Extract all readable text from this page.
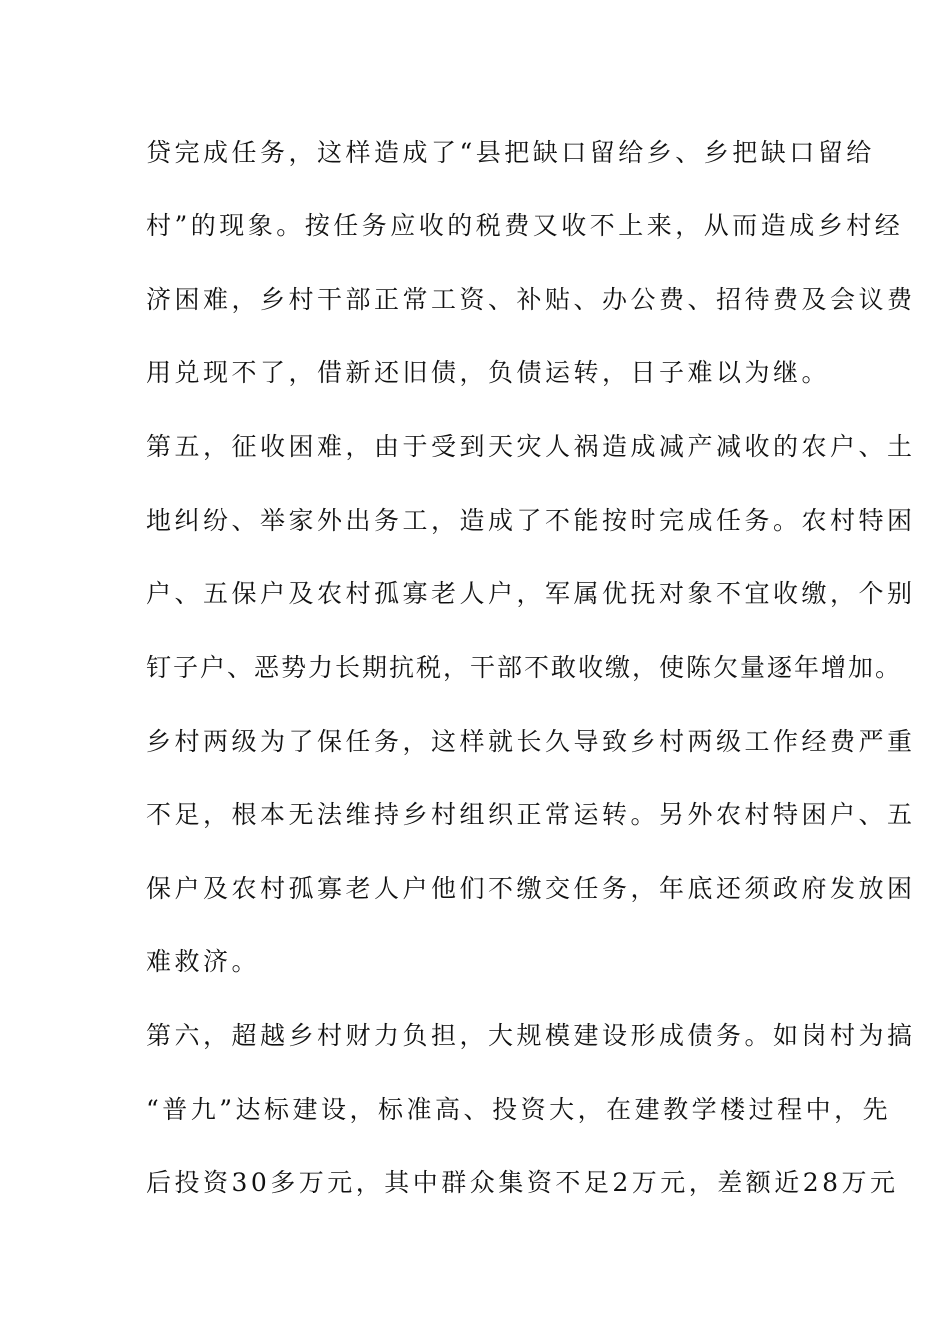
贷完成任务，这样造成了“县把缺口留给乡、乡把缺口留给
村”的现象。按任务应收的税费又收不上来，从而造成乡村经
济困难，乡村干部正常工资、补贴、办公费、招待费及会议费
用兑现不了，借新还旧债，负债运转，日子难以为继。
第五，征收困难，由于受到天灾人祸造成减产减收的农户、土
地纠纷、举家外出务工，造成了不能按时完成任务。农村特困
户、五保户及农村孤寡老人户，军属优抚对象不宜收缴，个别
钉子户、恶势力长期抗税，干部不敢收缴，使陈欠量逐年增加。
乡村两级为了保任务，这样就长久导致乡村两级工作经费严重
不足，根本无法维持乡村组织正常运转。另外农村特困户、五
保户及农村孤寡老人户他们不缴交任务，年底还须政府发放困
难救济。
第六，超越乡村财力负担，大规模建设形成债务。如岗村为搞
“普九”达标建设，标准高、投资大，在建教学楼过程中，先
后投资30多万元，其中群众集资不足2万元，差额近28万元
